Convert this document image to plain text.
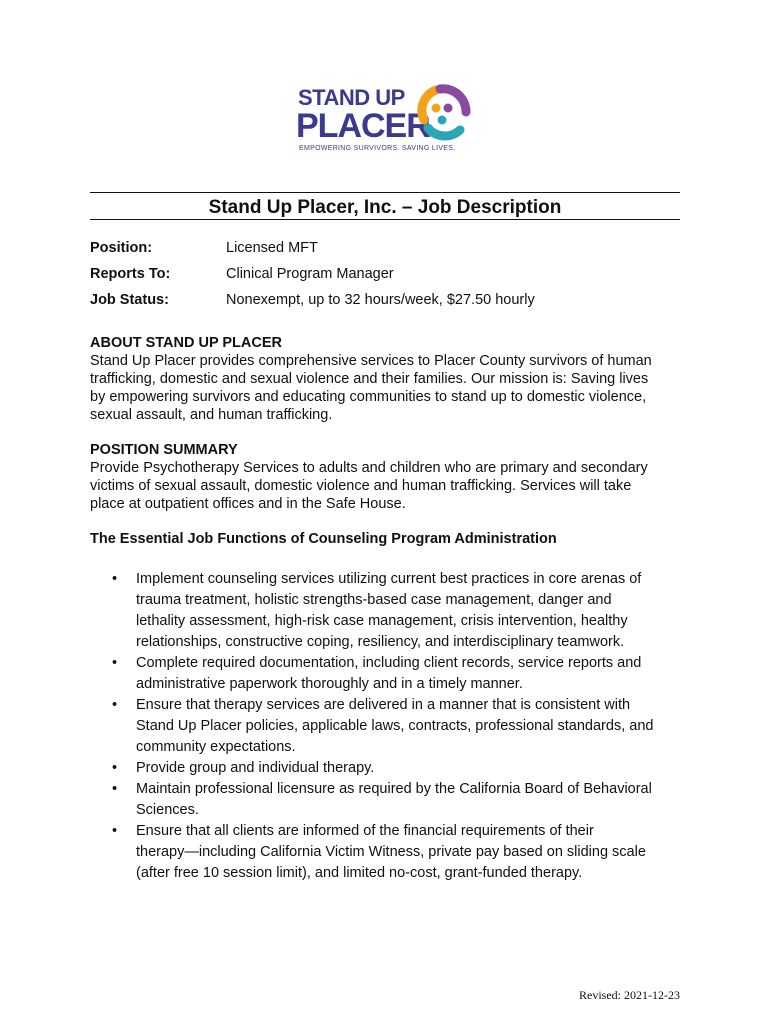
STAND UP
PLACER
EMPOWERING SURVIVORS. SAVING LIVES.
Stand Up Placer, Inc. – Job Description
Position:	Licensed MFT
Reports To:	Clinical Program Manager
Job Status:	Nonexempt, up to 32 hours/week, $27.50 hourly
ABOUT STAND UP PLACER
Stand Up Placer provides comprehensive services to Placer County survivors of human
trafficking, domestic and sexual violence and their families. Our mission is: Saving lives
by empowering survivors and educating communities to stand up to domestic violence,
sexual assault, and human trafficking.
POSITION SUMMARY
Provide Psychotherapy Services to adults and children who are primary and secondary
victims of sexual assault, domestic violence and human trafficking. Services will take
place at outpatient offices and in the Safe House.
The Essential Job Functions of Counseling Program Administration
• Implement counseling services utilizing current best practices in core arenas of
trauma treatment, holistic strengths-based case management, danger and
lethality assessment, high-risk case management, crisis intervention, healthy
relationships, constructive coping, resiliency, and interdisciplinary teamwork.
• Complete required documentation, including client records, service reports and
administrative paperwork thoroughly and in a timely manner.
• Ensure that therapy services are delivered in a manner that is consistent with
Stand Up Placer policies, applicable laws, contracts, professional standards, and
community expectations.
• Provide group and individual therapy.
• Maintain professional licensure as required by the California Board of Behavioral
Sciences.
• Ensure that all clients are informed of the financial requirements of their
therapy—including California Victim Witness, private pay based on sliding scale
(after free 10 session limit), and limited no-cost, grant-funded therapy.
Revised: 2021-12-23
